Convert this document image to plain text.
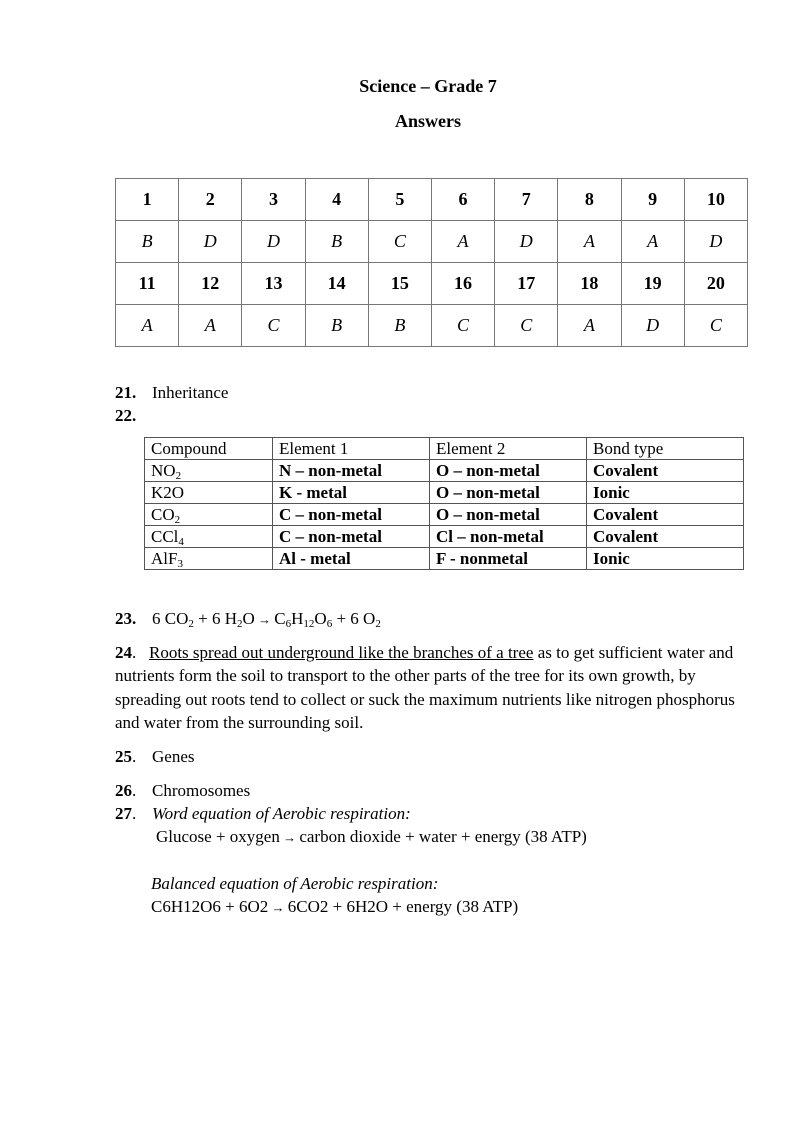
Science – Grade 7
Answers
1	2	3	4	5	6	7	8	9	10
B	D	D	B	C	A	D	A	A	D
11	12	13	14	15	16	17	18	19	20
A	A	C	B	B	C	C	A	D	C
21. Inheritance
22.
Compound	Element 1	Element 2	Bond type
$NO_2$	N – non-metal	O – non-metal	Covalent
K2O	K - metal	O – non-metal	Ionic
$CO_2$	C – non-metal	O – non-metal	Covalent
CCl$_4$	C – non-metal	Cl – non-metal	Covalent
AlF$_3$	Al - metal	F - nonmetal	Ionic
23. 6 $CO_2 + 6$ $H_2O \to C_6H_{12}O_6 + 6$ $O_2$
24. Roots spread out underground like the branches of a tree as to get sufficient water and nutrients form the soil to transport to the other parts of the tree for its own growth, by spreading out roots tend to collect or suck the maximum nutrients like nitrogen phosphorus and water from the surrounding soil.
25. Genes
26. Chromosomes
27. Word equation of Aerobic respiration:
Glucose + oxygen → carbon dioxide + water + energy (38 ATP)
Balanced equation of Aerobic respiration:
C6H12O6 + 6O2 → 6CO2 + 6H2O + energy (38 ATP)
